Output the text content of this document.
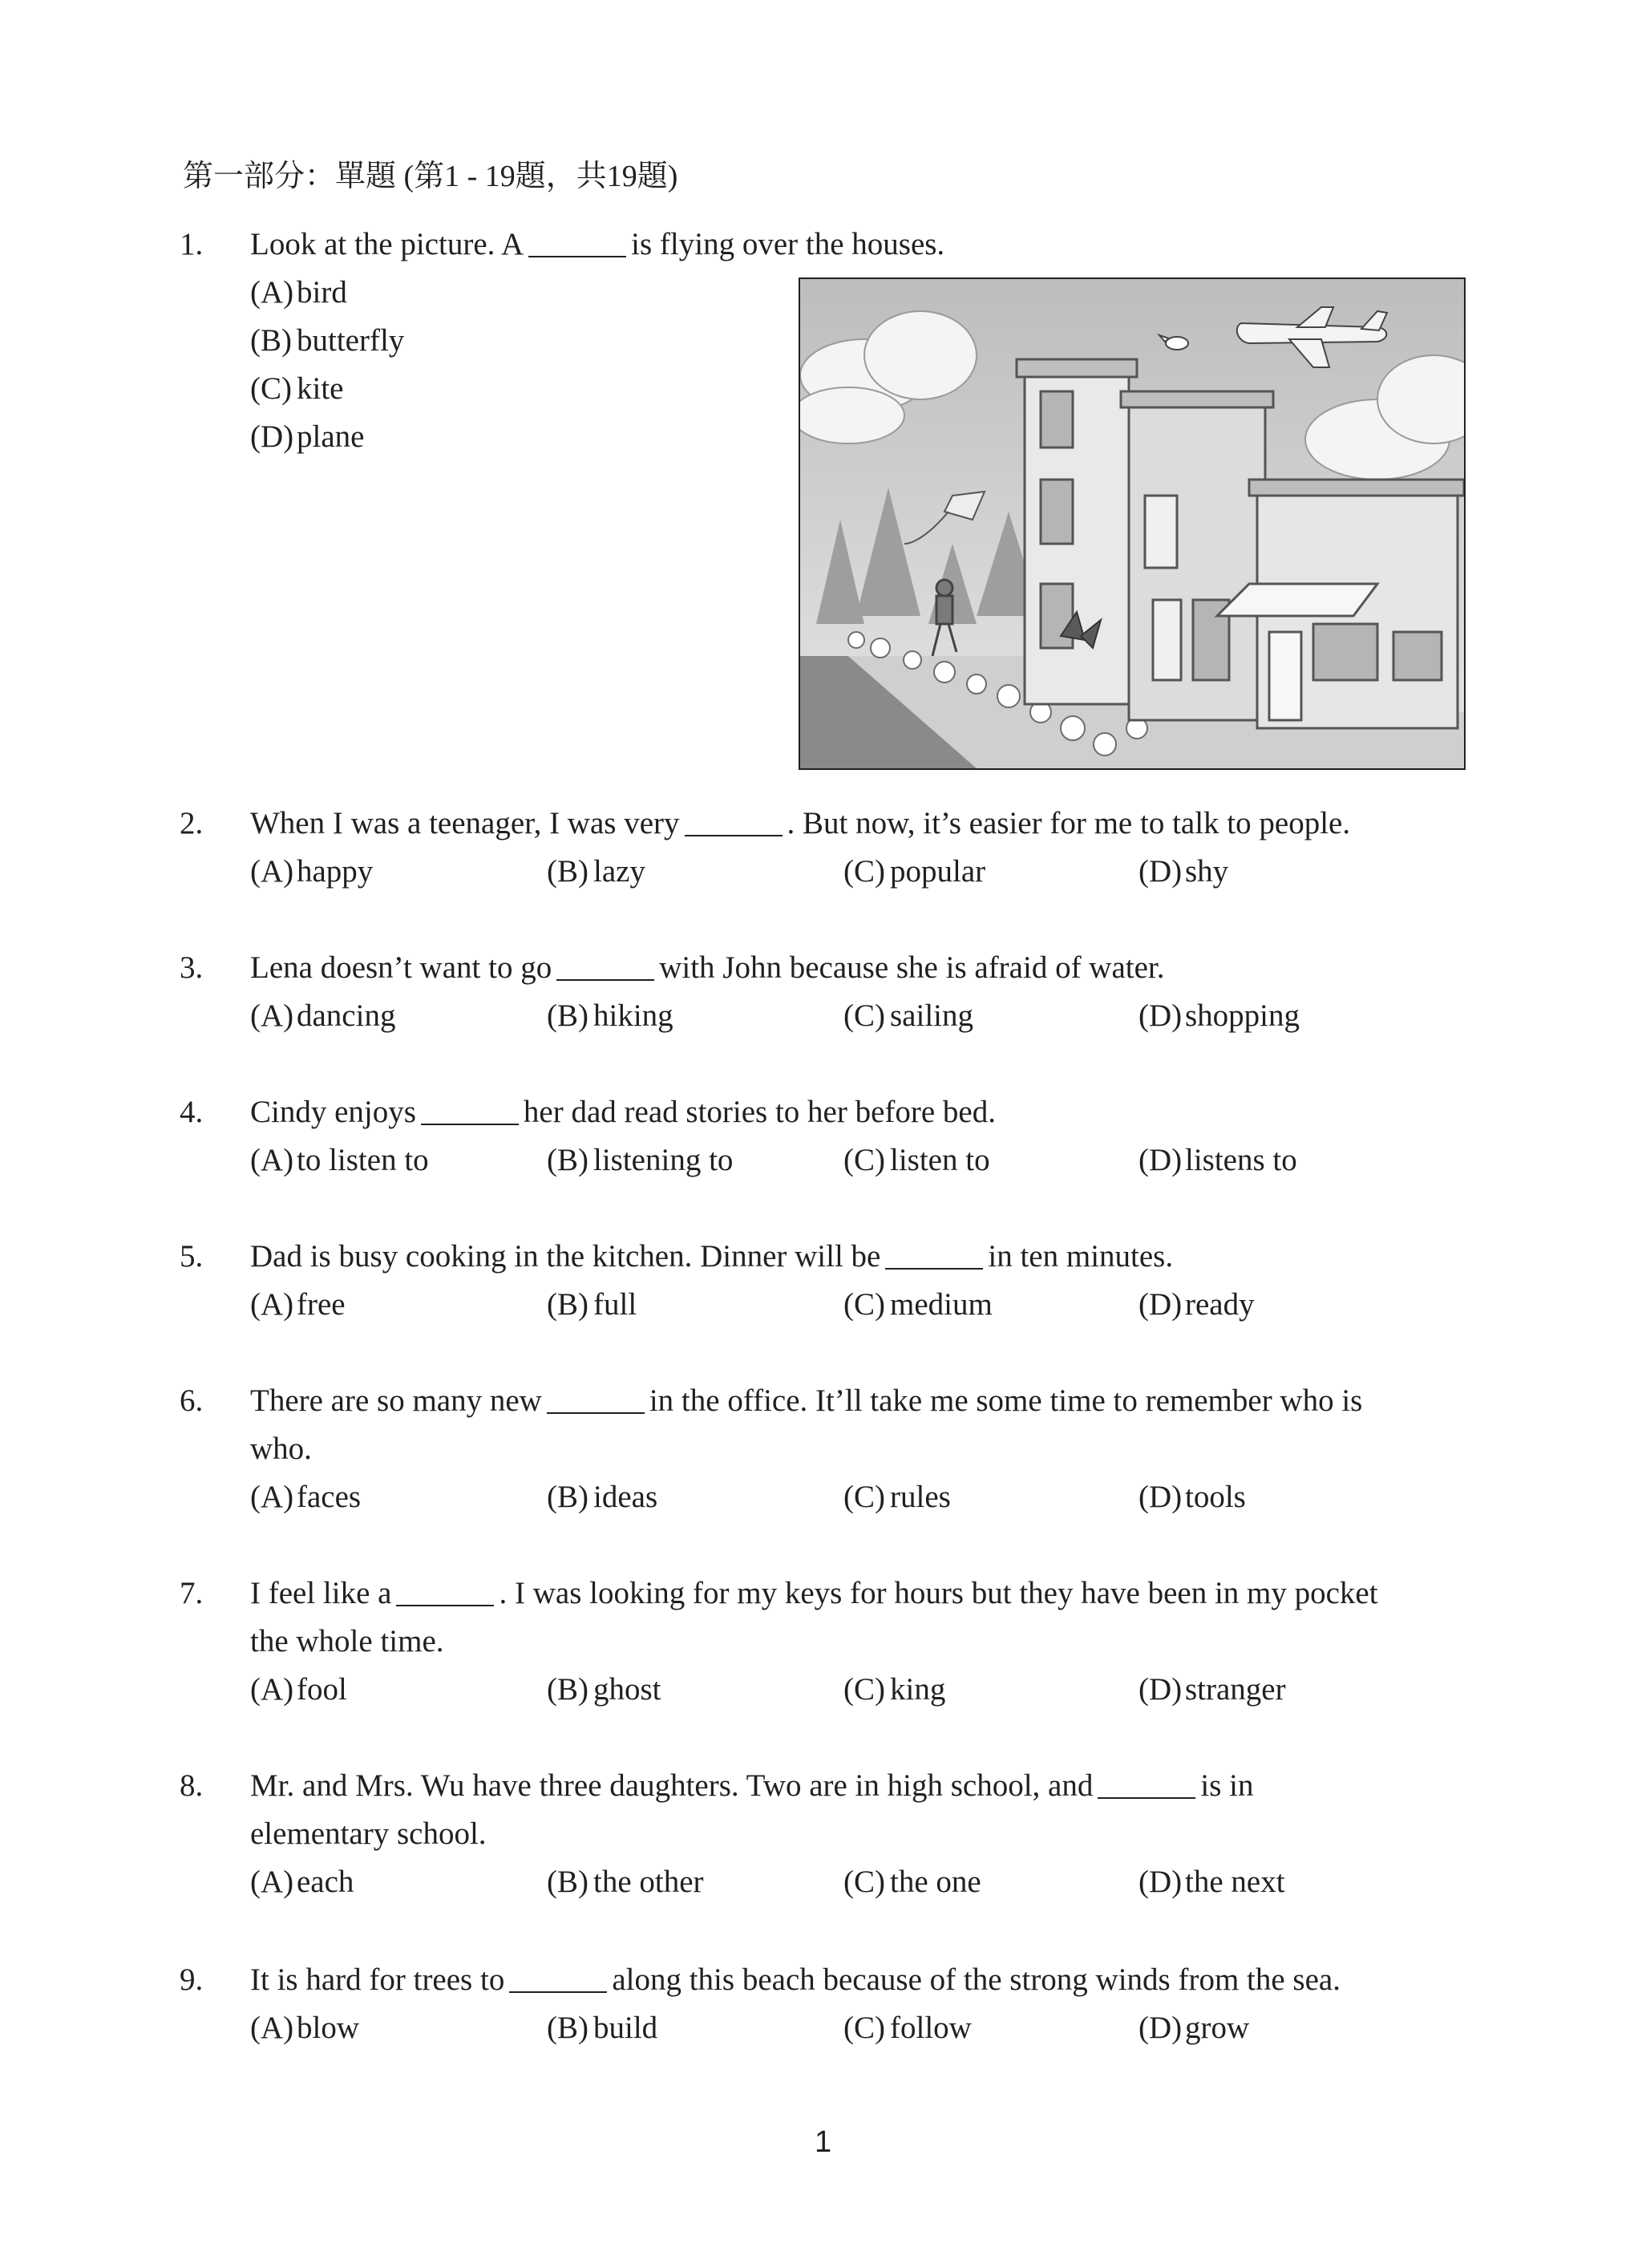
第一部分：單題 (第1 - 19題，共19題)
1. Look at the picture. A	is flying over the houses.
(A)bird
(B) butterfly
(C) kite
(D)plane
2. When I was a teenager, I was very	. But now, it’s easier for me to talk to people.
(A)happy	(B) lazy	(C) popular	(D)shy
3. Lena doesn’t want to go	with John because she is afraid of water.
(A)dancing	(B) hiking	(C) sailing	(D)shopping
4. Cindy enjoys	her dad read stories to her before bed.
(A)to listen to	(B) listening to	(C) listen to	(D)listens to
5. Dad is busy cooking in the kitchen. Dinner will be	in ten minutes.
(A)free	(B) full	(C) medium	(D)ready
6. There are so many new	in the office. It’ll take me some time to remember who is
who.
(A)faces	(B) ideas	(C) rules	(D)tools
7. I feel like a	. I was looking for my keys for hours but they have been in my pocket
the whole time.
(A)fool	(B) ghost	(C) king	(D)stranger
8. Mr. and Mrs. Wu have three daughters. Two are in high school, and	is in
elementary school.
(A)each	(B) the other	(C) the one	(D)the next
9. It is hard for trees to	along this beach because of the strong winds from the sea.
(A)blow	(B) build	(C) follow	(D)grow
1
